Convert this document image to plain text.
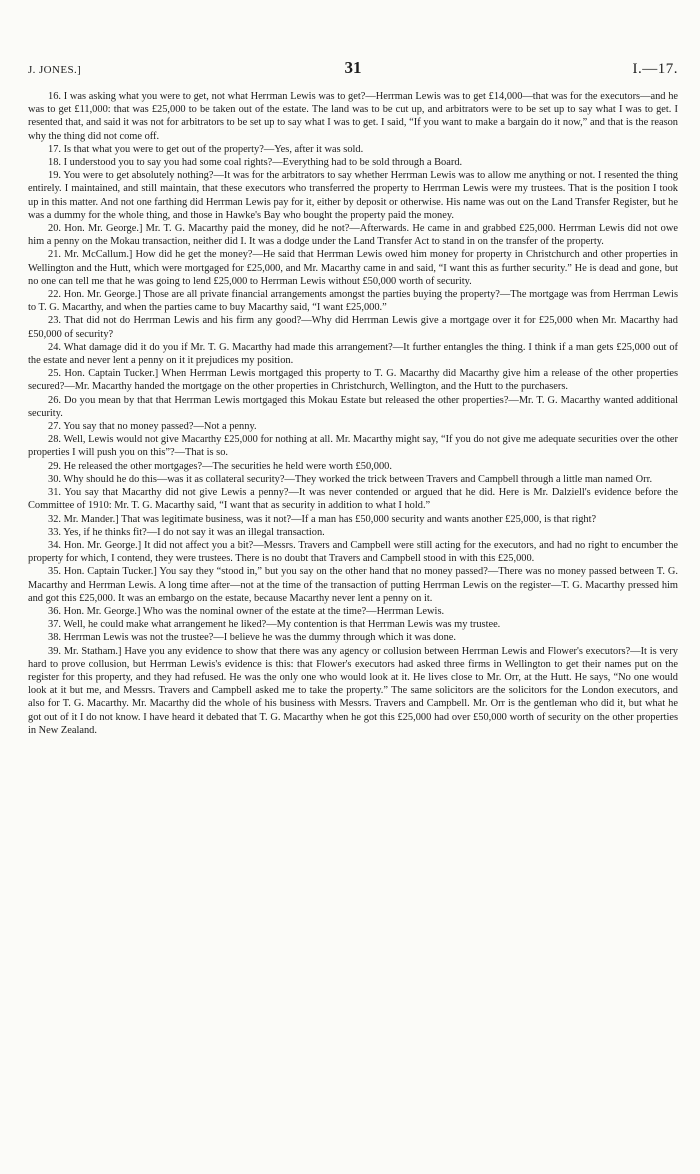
J. JONES.]	31	I.—17.

16. I was asking what you were to get, not what Herrman Lewis was to get?—Herrman Lewis was to get £14,000—that was for the executors—and he was to get £11,000: that was £25,000 to be taken out of the estate. The land was to be cut up, and arbitrators were to be set up to say what I was to get. I resented that, and said it was not for arbitrators to be set up to say what I was to get. I said, “If you want to make a bargain do it now,” and that is the reason why the thing did not come off.

17. Is that what you were to get out of the property?—Yes, after it was sold.

18. I understood you to say you had some coal rights?—Everything had to be sold through a Board.

19. You were to get absolutely nothing?—It was for the arbitrators to say whether Herrman Lewis was to allow me anything or not. I resented the thing entirely. I maintained, and still maintain, that these executors who transferred the property to Herrman Lewis were my trustees. That is the position I took up in this matter. And not one farthing did Herrman Lewis pay for it, either by deposit or otherwise. His name was out on the Land Transfer Register, but he was a dummy for the whole thing, and those in Hawke's Bay who bought the property paid the money.

20. Hon. Mr. George.] Mr. T. G. Macarthy paid the money, did he not?—Afterwards. He came in and grabbed £25,000. Herrman Lewis did not owe him a penny on the Mokau transaction, neither did I. It was a dodge under the Land Transfer Act to stand in on the transfer of the property.

21. Mr. McCallum.] How did he get the money?—He said that Herrman Lewis owed him money for property in Christchurch and other properties in Wellington and the Hutt, which were mortgaged for £25,000, and Mr. Macarthy came in and said, “I want this as further security.” He is dead and gone, but no one can tell me that he was going to lend £25,000 to Herrman Lewis without £50,000 worth of security.

22. Hon. Mr. George.] Those are all private financial arrangements amongst the parties buying the property?—The mortgage was from Herrman Lewis to T. G. Macarthy, and when the parties came to buy Macarthy said, “I want £25,000.”

23. That did not do Herrman Lewis and his firm any good?—Why did Herrman Lewis give a mortgage over it for £25,000 when Mr. Macarthy had £50,000 of security?

24. What damage did it do you if Mr. T. G. Macarthy had made this arrangement?—It further entangles the thing. I think if a man gets £25,000 out of the estate and never lent a penny on it it prejudices my position.

25. Hon. Captain Tucker.] When Herrman Lewis mortgaged this property to T. G. Macarthy did Macarthy give him a release of the other properties secured?—Mr. Macarthy handed the mortgage on the other properties in Christchurch, Wellington, and the Hutt to the purchasers.

26. Do you mean by that that Herrman Lewis mortgaged this Mokau Estate but released the other properties?—Mr. T. G. Macarthy wanted additional security.

27. You say that no money passed?—Not a penny.

28. Well, Lewis would not give Macarthy £25,000 for nothing at all. Mr. Macarthy might say, “If you do not give me adequate securities over the other properties I will push you on this”?—That is so.

29. He released the other mortgages?—The securities he held were worth £50,000.

30. Why should he do this—was it as collateral security?—They worked the trick between Travers and Campbell through a little man named Orr.

31. You say that Macarthy did not give Lewis a penny?—It was never contended or argued that he did. Here is Mr. Dalziell's evidence before the Committee of 1910: Mr. T. G. Macarthy said, “I want that as security in addition to what I hold.”

32. Mr. Mander.] That was legitimate business, was it not?—If a man has £50,000 security and wants another £25,000, is that right?

33. Yes, if he thinks fit?—I do not say it was an illegal transaction.

34. Hon. Mr. George.] It did not affect you a bit?—Messrs. Travers and Campbell were still acting for the executors, and had no right to encumber the property for which, I contend, they were trustees. There is no doubt that Travers and Campbell stood in with this £25,000.

35. Hon. Captain Tucker.] You say they “stood in,” but you say on the other hand that no money passed?—There was no money passed between T. G. Macarthy and Herrman Lewis. A long time after—not at the time of the transaction of putting Herrman Lewis on the register—T. G. Macarthy pressed him and got this £25,000. It was an embargo on the estate, because Macarthy never lent a penny on it.

36. Hon. Mr. George.] Who was the nominal owner of the estate at the time?—Herrman Lewis.

37. Well, he could make what arrangement he liked?—My contention is that Herrman Lewis was my trustee.

38. Herrman Lewis was not the trustee?—I believe he was the dummy through which it was done.

39. Mr. Statham.] Have you any evidence to show that there was any agency or collusion between Herrman Lewis and Flower's executors?—It is very hard to prove collusion, but Herrman Lewis's evidence is this: that Flower's executors had asked three firms in Wellington to get their names put on the register for this property, and they had refused. He was the only one who would look at it. He lives close to Mr. Orr, at the Hutt. He says, “No one would look at it but me, and Messrs. Travers and Campbell asked me to take the property.” The same solicitors are the solicitors for the London executors, and also for T. G. Macarthy. Mr. Macarthy did the whole of his business with Messrs. Travers and Campbell. Mr. Orr is the gentleman who did it, but what he got out of it I do not know. I have heard it debated that T. G. Macarthy when he got this £25,000 had over £50,000 worth of security on the other properties in New Zealand.
